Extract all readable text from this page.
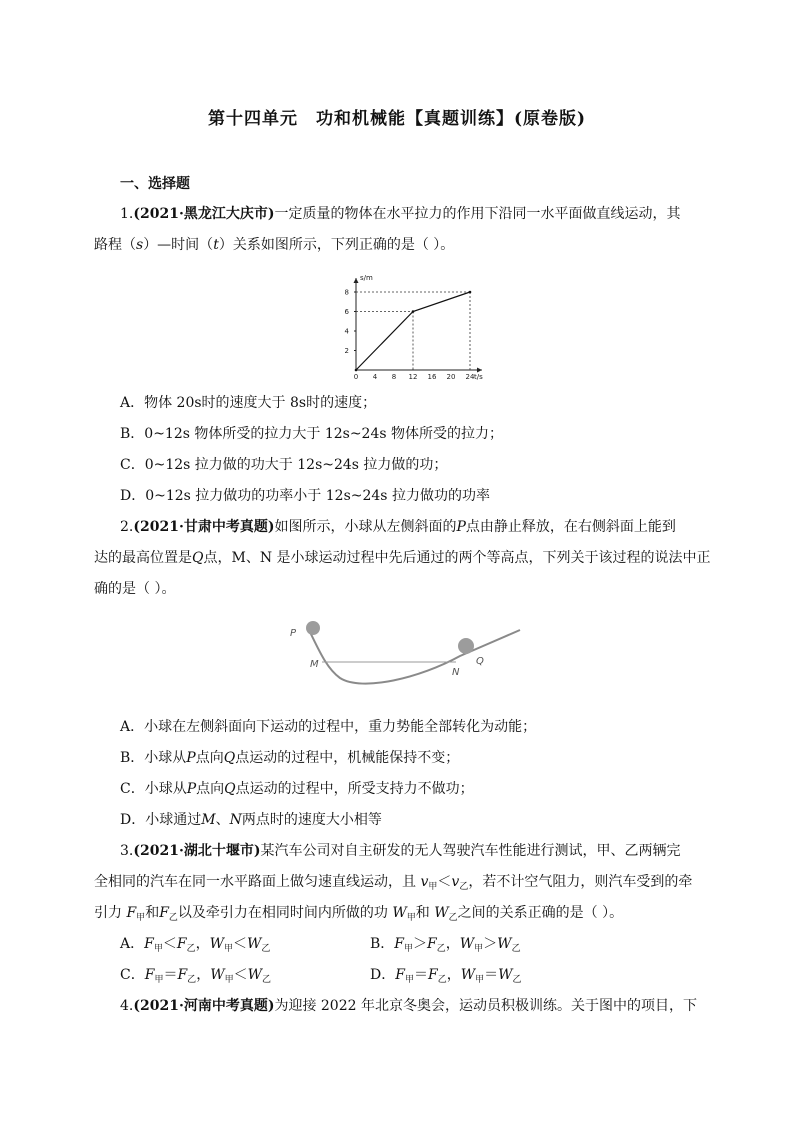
第十四单元 功和机械能【真题训练】(原卷版)
一、选择题
1.(2021·黑龙江大庆市)一定质量的物体在水平拉力的作用下沿同一水平面做直线运动，其
路程（s）—时间（t）关系如图所示，下列正确的是（ ）。
s/m
t/s
2
4
6
8
0 4 8 12 16 20 24
A．物体 20s时的速度大于 8s时的速度；
B．0~12s 物体所受的拉力大于 12s~24s 物体所受的拉力；
C．0~12s 拉力做的功大于 12s~24s 拉力做的功；
D．0~12s 拉力做功的功率小于 12s~24s 拉力做功的功率
2.(2021·甘肃中考真题)如图所示，小球从左侧斜面的P点由静止释放，在右侧斜面上能到
达的最高位置是Q点，M、N 是小球运动过程中先后通过的两个等高点，下列关于该过程的说法中正
确的是（ ）。
P
M
N
Q
A．小球在左侧斜面向下运动的过程中，重力势能全部转化为动能；
B．小球从P点向Q点运动的过程中，机械能保持不变；
C．小球从P点向Q点运动的过程中，所受支持力不做功；
D．小球通过M、N两点时的速度大小相等
3.(2021·湖北十堰市)某汽车公司对自主研发的无人驾驶汽车性能进行测试，甲、乙两辆完
全相同的汽车在同一水平路面上做匀速直线运动，且 $v_甲<v_乙$，若不计空气阻力，则汽车受到的牵
引力 $F_甲$和$F_乙$以及牵引力在相同时间内所做的功 $W_甲$和 $W_乙$之间的关系正确的是（ ）。
A．$F_甲<F_乙$，$W_甲<W_乙$	B．$F_甲>F_乙$，$W_甲>W_乙$
C．$F_甲=F_乙$，$W_甲<W_乙$	D．$F_甲=F_乙$，$W_甲=W_乙$
4.(2021·河南中考真题)为迎接 2022 年北京冬奥会，运动员积极训练。关于图中的项目，下
